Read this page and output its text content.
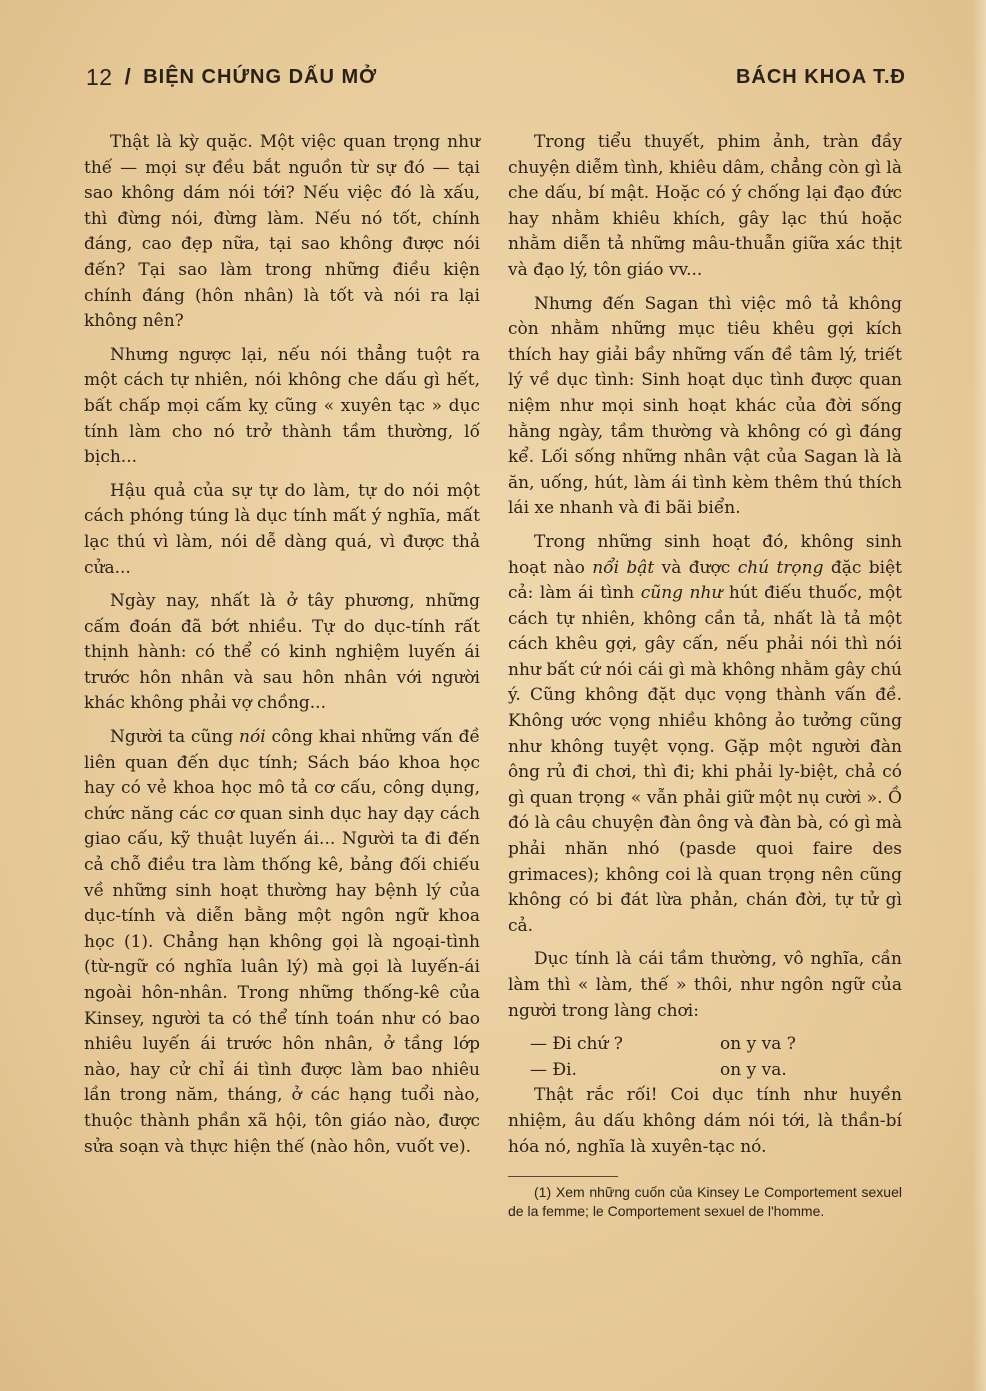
12 / BIỆN CHỨNG DẤU MỞ	BÁCH KHOA T.Đ

Thật là kỳ quặc. Một việc quan trọng như thế — mọi sự đều bắt nguồn từ sự đó — tại sao không dám nói tới? Nếu việc đó là xấu, thì đừng nói, đừng làm. Nếu nó tốt, chính đáng, cao đẹp nữa, tại sao không được nói đến? Tại sao làm trong những điều kiện chính đáng (hôn nhân) là tốt và nói ra lại không nên?

Nhưng ngược lại, nếu nói thẳng tuột ra một cách tự nhiên, nói không che dấu gì hết, bất chấp mọi cấm kỵ cũng « xuyên tạc » dục tính làm cho nó trở thành tầm thường, lố bịch...

Hậu quả của sự tự do làm, tự do nói một cách phóng túng là dục tính mất ý nghĩa, mất lạc thú vì làm, nói dễ dàng quá, vì được thả cửa...

Ngày nay, nhất là ở tây phương, những cấm đoán đã bớt nhiều. Tự do dục-tính rất thịnh hành: có thể có kinh nghiệm luyến ái trước hôn nhân và sau hôn nhân với người khác không phải vợ chồng...

Người ta cũng nói công khai những vấn đề liên quan đến dục tính; Sách báo khoa học hay có vẻ khoa học mô tả cơ cấu, công dụng, chức năng các cơ quan sinh dục hay dạy cách giao cấu, kỹ thuật luyến ái... Người ta đi đến cả chỗ điều tra làm thống kê, bảng đối chiếu về những sinh hoạt thường hay bệnh lý của dục-tính và diễn bằng một ngôn ngữ khoa học (1). Chẳng hạn không gọi là ngoại-tình (từ-ngữ có nghĩa luân lý) mà gọi là luyến-ái ngoài hôn-nhân. Trong những thống-kê của Kinsey, người ta có thể tính toán như có bao nhiêu luyến ái trước hôn nhân, ở tầng lớp nào, hay cử chỉ ái tình được làm bao nhiêu lần trong năm, tháng, ở các hạng tuổi nào, thuộc thành phần xã hội, tôn giáo nào, được sửa soạn và thực hiện thế (nào hôn, vuốt ve).

Trong tiểu thuyết, phim ảnh, tràn đầy chuyện diễm tình, khiêu dâm, chẳng còn gì là che dấu, bí mật. Hoặc có ý chống lại đạo đức hay nhằm khiêu khích, gây lạc thú hoặc nhằm diễn tả những mâu-thuẫn giữa xác thịt và đạo lý, tôn giáo vv...

Nhưng đến Sagan thì việc mô tả không còn nhằm những mục tiêu khêu gợi kích thích hay giải bầy những vấn đề tâm lý, triết lý về dục tình: Sinh hoạt dục tình được quan niệm như mọi sinh hoạt khác của đời sống hằng ngày, tầm thường và không có gì đáng kể. Lối sống những nhân vật của Sagan là là ăn, uống, hút, làm ái tình kèm thêm thú thích lái xe nhanh và đi bãi biển.

Trong những sinh hoạt đó, không sinh hoạt nào nổi bật và được chú trọng đặc biệt cả: làm ái tình cũng như hút điếu thuốc, một cách tự nhiên, không cần tả, nhất là tả một cách khêu gợi, gây cấn, nếu phải nói thì nói như bất cứ nói cái gì mà không nhằm gây chú ý. Cũng không đặt dục vọng thành vấn đề. Không ước vọng nhiều không ảo tưởng cũng như không tuyệt vọng. Gặp một người đàn ông rủ đi chơi, thì đi; khi phải ly-biệt, chả có gì quan trọng « vẫn phải giữ một nụ cười ». Ồ đó là câu chuyện đàn ông và đàn bà, có gì mà phải nhăn nhó (pasde quoi faire des grimaces); không coi là quan trọng nên cũng không có bi đát lừa phản, chán đời, tự tử gì cả.

Dục tính là cái tầm thường, vô nghĩa, cần làm thì « làm, thế » thôi, như ngôn ngữ của người trong làng chơi:

— Đi chứ ?	on y va ?
— Đi.	on y va.

Thật rắc rối! Coi dục tính như huyền nhiệm, âu dấu không dám nói tới, là thần-bí hóa nó, nghĩa là xuyên-tạc nó.

(1) Xem những cuốn của Kinsey Le Comportement sexuel de la femme; le Comportement sexuel de l'homme.
